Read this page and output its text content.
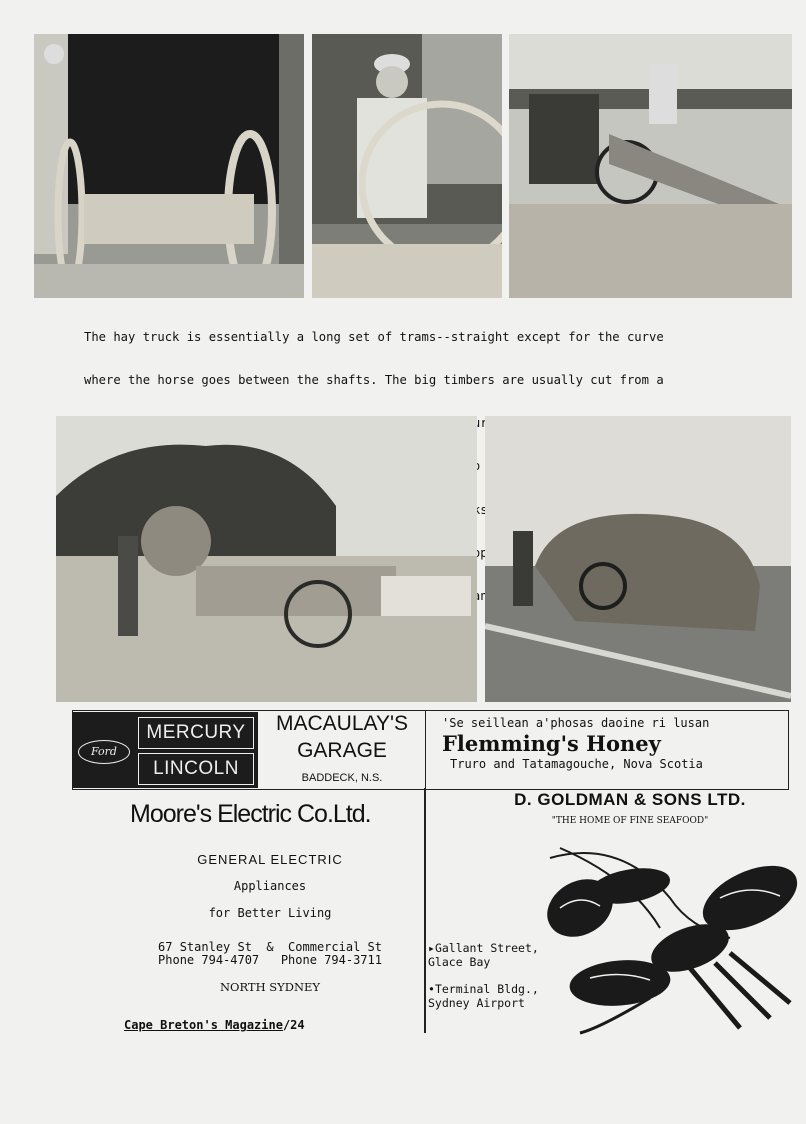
The hay truck is essentially a long set of trams--straight except for the curve

where the horse goes between the shafts. The big timbers are usually cut from a

and

Ford
MERCURY
LINCOLN
MACAULAY'S
GARAGE
BADDECK, N.S.
'Se seillean a'phosas daoine ri lusan
Flemming's Honey
Truro and Tatamagouche, Nova Scotia
Moore's Electric Co.Ltd.
GENERAL ELECTRIC
Appliances
for Better Living
67 Stanley St  &  Commercial St
Phone 794-4707   Phone 794-3711
NORTH SYDNEY
D. GOLDMAN & SONS LTD.
"THE HOME OF FINE SEAFOOD"
▸Gallant Street,
Glace Bay
•Terminal Bldg.,
Sydney Airport
Cape Breton's Magazine/24
